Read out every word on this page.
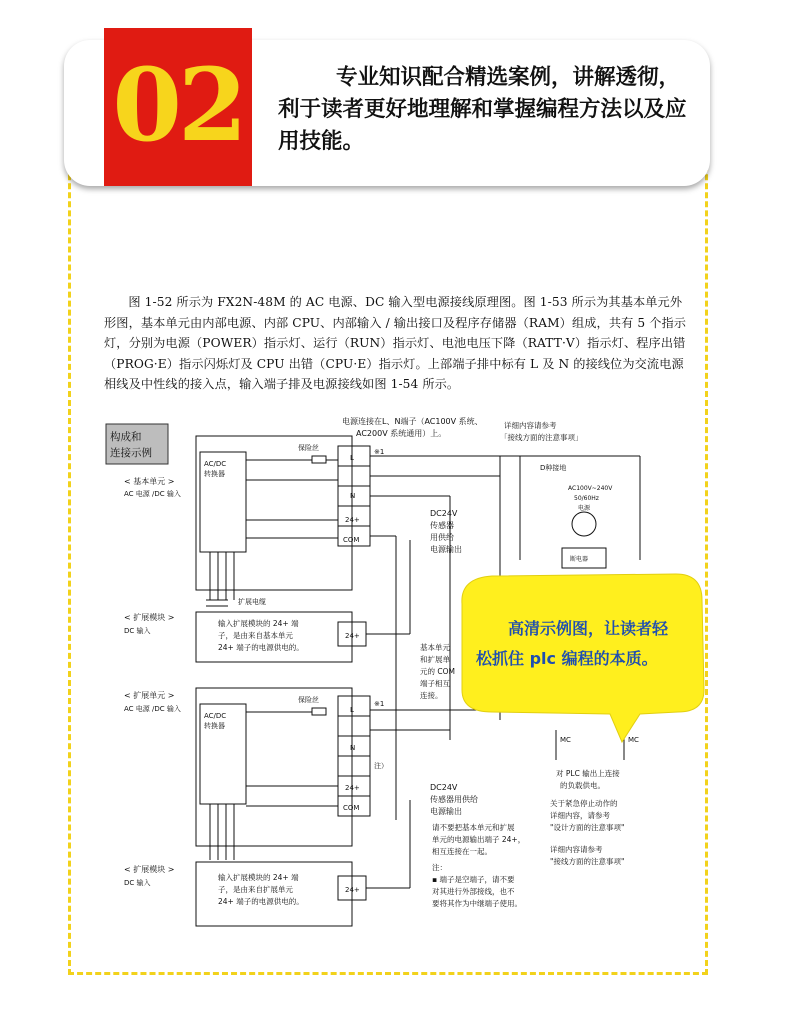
02	专业知识配合精选案例，讲解透彻，利于读者更好地理解和掌握编程方法以及应用技能。
图 1-52 所示为 FX2N-48M 的 AC 电源、DC 输入型电源接线原理图。图 1-53 所示为其基本单元外形图，基本单元由内部电源、内部 CPU、内部输入 / 输出接口及程序存储器（RAM）组成，共有 5 个指示灯，分别为电源（POWER）指示灯、运行（RUN）指示灯、电池电压下降（RATT·V）指示灯、程序出错（PROG·E）指示闪烁灯及 CPU 出错（CPU·E）指示灯。上部端子排中标有 L 及 N 的接线位为交流电源相线及中性线的接入点，输入端子排及电源接线如图 1-54 所示。
构成和
连接示例
< 基本单元 >
AC 电源 /DC 输入
< 扩展模块 >
DC 输入
< 扩展单元 >
AC 电源 /DC 输入
< 扩展模块 >
DC 输入
AC/DC
转换器
AC/DC
转换器
保险丝
保险丝
扩展电缆
L
N
24+
COM
24+
L
N
24+
COM
24+
※1
※1
注）
电源连接在L、N端子（AC100V 系统、
AC200V 系统通用）上。
详细内容请参考
「接线方面的注意事项」
D种接地
AC100V~240V
50/60Hz
电源
断电器
DC24V
传感器
用供给
电源输出
输入扩展模块的 24+ 端
子，是由来自基本单元
24+ 端子的电源供电的。	基本单元
和扩展单
元的 COM
端子相互
连接。
DC24V
传感器用供给
电源输出
请不要把基本单元和扩展
单元的电源输出端子 24+，
相互连接在一起。
注：
▪ 端子是空端子，请不要
对其进行外部接线，也不
要将其作为中继端子使用。
输入扩展模块的 24+ 端
子，是由来自扩展单元
24+ 端子的电源供电的。
对 PLC 输出上连接
的负载供电。
关于紧急停止动作的
详细内容，请参考
"设计方面的注意事项"
详细内容请参考
"接线方面的注意事项"
MC	MC
高清示例图，让读者轻
松抓住 plc 编程的本质。
